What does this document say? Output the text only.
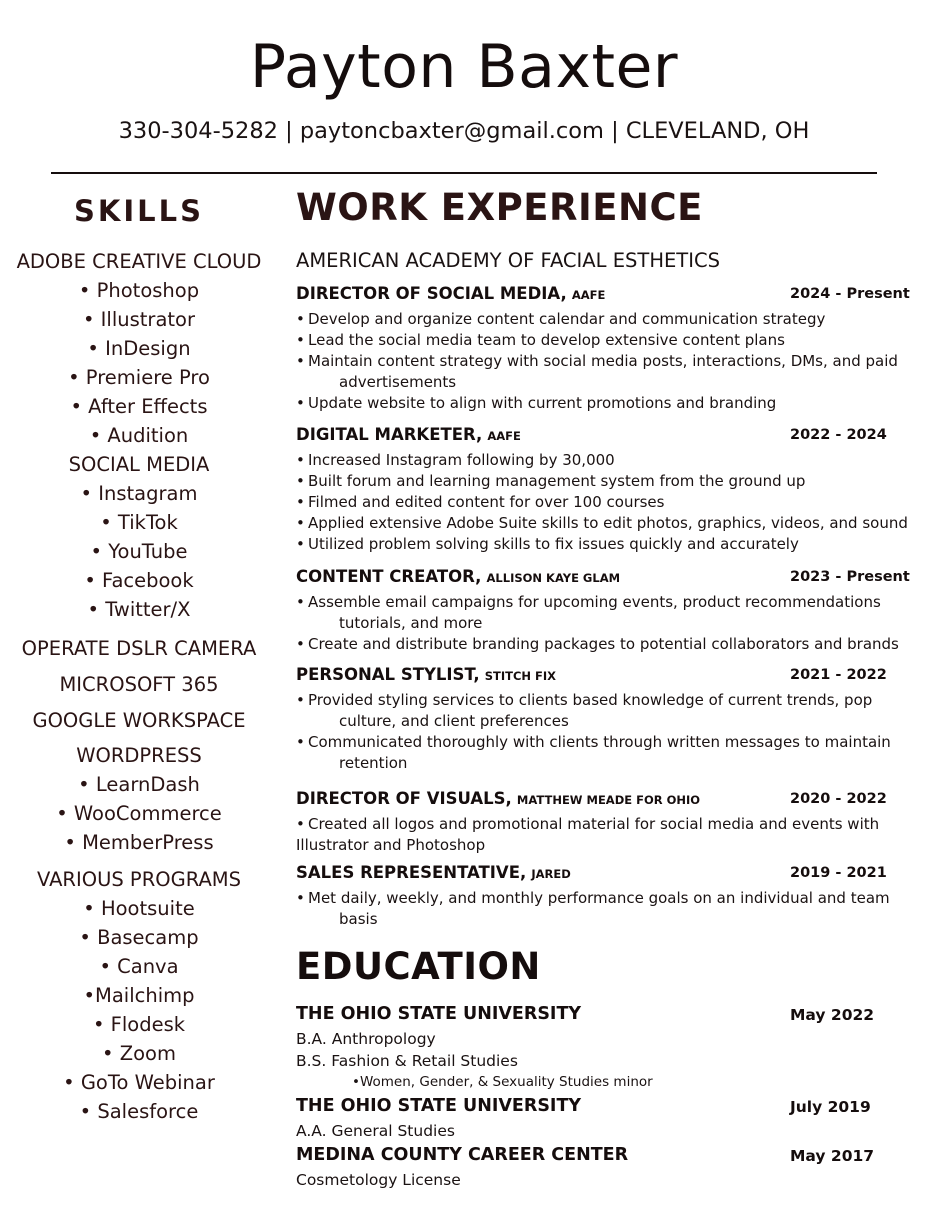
Payton Baxter
330-304-5282 | paytoncbaxter@gmail.com | CLEVELAND, OH
SKILLS
ADOBE CREATIVE CLOUD
• Photoshop
• Illustrator
• InDesign
• Premiere Pro
• After Effects
• Audition
SOCIAL MEDIA
• Instagram
• TikTok
• YouTube
• Facebook
• Twitter/X
OPERATE DSLR CAMERA
MICROSOFT 365
GOOGLE WORKSPACE
WORDPRESS
• LearnDash
• WooCommerce
• MemberPress
VARIOUS PROGRAMS
• Hootsuite
• Basecamp
• Canva
•Mailchimp
• Flodesk
• Zoom
• GoTo Webinar
• Salesforce
WORK EXPERIENCE
AMERICAN ACADEMY OF FACIAL ESTHETICS
DIRECTOR OF SOCIAL MEDIA, AAFE	2024 - Present
• Develop and organize content calendar and communication strategy
• Lead the social media team to develop extensive content plans
• Maintain content strategy with social media posts, interactions, DMs, and paid
advertisements
• Update website to align with current promotions and branding
DIGITAL MARKETER, AAFE	2022 - 2024
• Increased Instagram following by 30,000
• Built forum and learning management system from the ground up
• Filmed and edited content for over 100 courses
• Applied extensive Adobe Suite skills to edit photos, graphics, videos, and sound
• Utilized problem solving skills to fix issues quickly and accurately
CONTENT CREATOR, ALLISON KAYE GLAM	2023 - Present
• Assemble email campaigns for upcoming events, product recommendations
tutorials, and more
• Create and distribute branding packages to potential collaborators and brands
PERSONAL STYLIST, STITCH FIX	2021 - 2022
• Provided styling services to clients based knowledge of current trends, pop
culture, and client preferences
• Communicated thoroughly with clients through written messages to maintain
retention
DIRECTOR OF VISUALS, MATTHEW MEADE FOR OHIO	2020 - 2022
• Created all logos and promotional material for social media and events with
Illustrator and Photoshop
SALES REPRESENTATIVE, JARED	2019 - 2021
• Met daily, weekly, and monthly performance goals on an individual and team
basis
EDUCATION
THE OHIO STATE UNIVERSITY	May 2022
B.A. Anthropology
B.S. Fashion & Retail Studies
•Women, Gender, & Sexuality Studies minor
THE OHIO STATE UNIVERSITY	July 2019
A.A. General Studies
MEDINA COUNTY CAREER CENTER	May 2017
Cosmetology License
